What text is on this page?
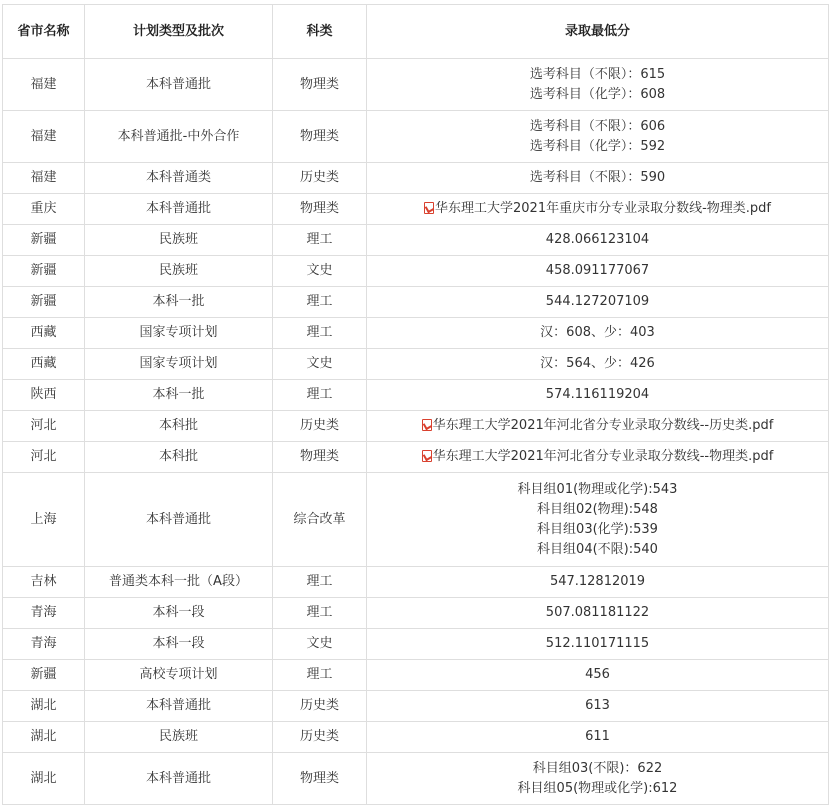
省市名称	计划类型及批次	科类	录取最低分
福建	本科普通批	物理类	选考科目（不限）：615
选考科目（化学）：608

福建	本科普通批-中外合作	物理类	选考科目（不限）：606
选考科目（化学）：592

福建	本科普通类	历史类	选考科目（不限）：590
重庆	本科普通批	物理类	华东理工大学2021年重庆市分专业录取分数线-物理类.pdf
新疆	民族班	理工	428.066123104
新疆	民族班	文史	458.091177067
新疆	本科一批	理工	544.127207109
西藏	国家专项计划	理工	汉：608、少：403
西藏	国家专项计划	文史	汉：564、少：426
陕西	本科一批	理工	574.116119204
河北	本科批	历史类	华东理工大学2021年河北省分专业录取分数线--历史类.pdf
河北	本科批	物理类	华东理工大学2021年河北省分专业录取分数线--物理类.pdf
上海	本科普通批	综合改革	科目组01(物理或化学):543
科目组02(物理):548
科目组03(化学):539
科目组04(不限):540

吉林	普通类本科一批（A段）	理工	547.12812019
青海	本科一段	理工	507.081181122
青海	本科一段	文史	512.110171115
新疆	高校专项计划	理工	456
湖北	本科普通批	历史类	613
湖北	民族班	历史类	611
湖北	本科普通批	物理类	科目组03(不限)：622
科目组05(物理或化学):612
